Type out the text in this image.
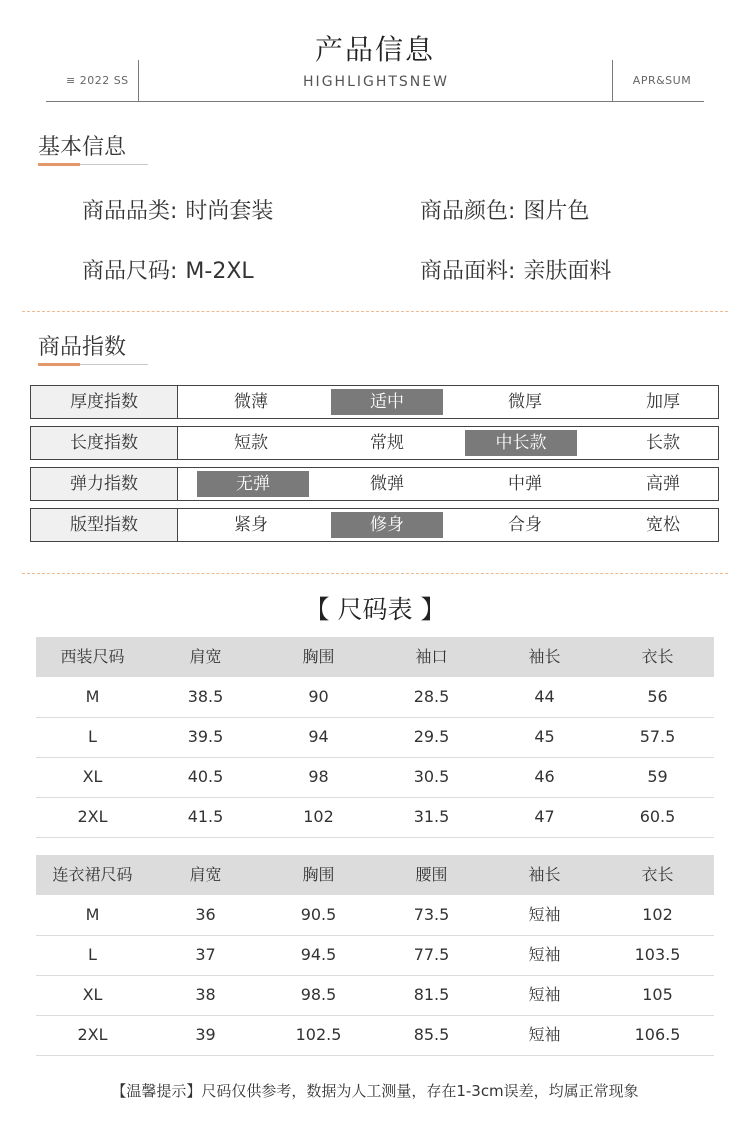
产品信息
≡ 2022 SS	HIGHLIGHTSNEW	APR&SUM
基本信息
商品品类: 时尚套装	商品颜色: 图片色
商品尺码: M-2XL	商品面料: 亲肤面料
商品指数
厚度指数	微薄	适中	微厚	加厚
长度指数	短款	常规	中长款	长款
弹力指数	无弹	微弹	中弹	高弹
版型指数	紧身	修身	合身	宽松
【 尺码表 】
西装尺码	肩宽	胸围	袖口	袖长	衣长
M	38.5	90	28.5	44	56
L	39.5	94	29.5	45	57.5
XL	40.5	98	30.5	46	59
2XL	41.5	102	31.5	47	60.5
连衣裙尺码	肩宽	胸围	腰围	袖长	衣长
M	36	90.5	73.5	短袖	102
L	37	94.5	77.5	短袖	103.5
XL	38	98.5	81.5	短袖	105
2XL	39	102.5	85.5	短袖	106.5
【温馨提示】尺码仅供参考，数据为人工测量，存在1-3cm误差，均属正常现象
